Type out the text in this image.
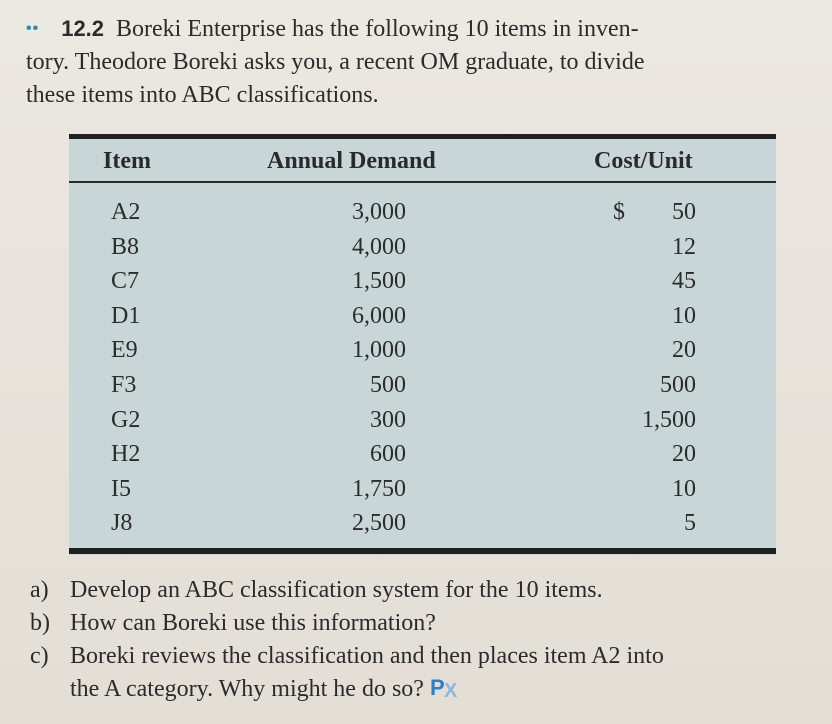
•• 12.2 Boreki Enterprise has the following 10 items in inven-
tory. Theodore Boreki asks you, a recent OM graduate, to divide
these items into ABC classifications.
Item	Annual Demand	Cost/Unit
A2	3,000	$ 50
B8	4,000	12
C7	1,500	45
D1	6,000	10
E9	1,000	20
F3	500	500
G2	300	1,500
H2	600	20
I5	1,750	10
J8	2,500	5
a) Develop an ABC classification system for the 10 items.
b) How can Boreki use this information?
c) Boreki reviews the classification and then places item A2 into
the A category. Why might he do so? P X
